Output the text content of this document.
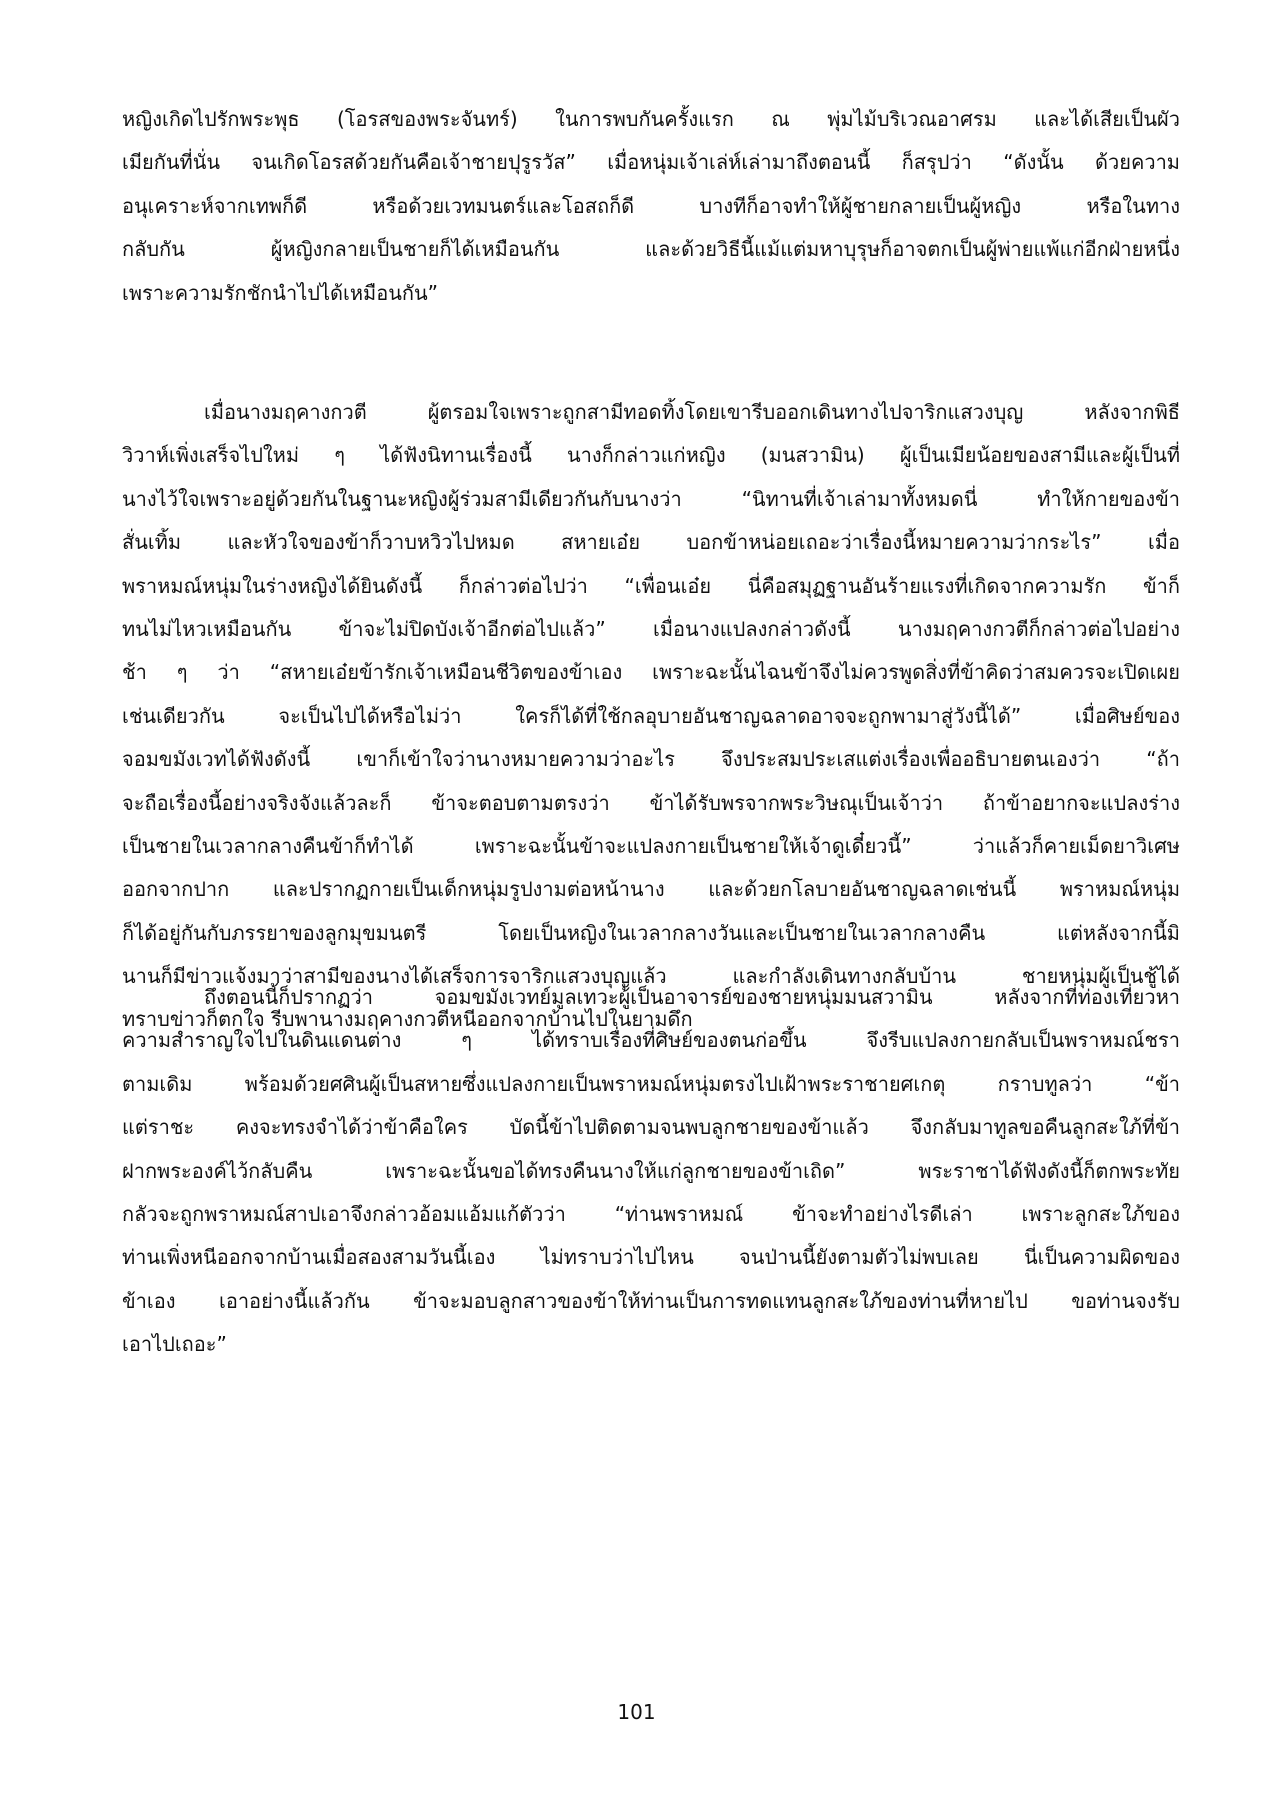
หญิงเกิดไปรักพระพุธ (โอรสของพระจันทร์) ในการพบกันครั้งแรก ณ พุ่มไม้บริเวณอาศรม และได้เสียเป็นผัว
เมียกันที่นั่น จนเกิดโอรสด้วยกันคือเจ้าชายปุรูรวัส” เมื่อหนุ่มเจ้าเล่ห์เล่ามาถึงตอนนี้ ก็สรุปว่า “ดังนั้น ด้วยความ
อนุเคราะห์จากเทพก็ดี หรือด้วยเวทมนตร์และโอสถก็ดี บางทีก็อาจทำให้ผู้ชายกลายเป็นผู้หญิง หรือในทาง
กลับกัน ผู้หญิงกลายเป็นชายก็ได้เหมือนกัน และด้วยวิธีนี้แม้แต่มหาบุรุษก็อาจตกเป็นผู้พ่ายแพ้แก่อีกฝ่ายหนึ่ง
เพราะความรักชักนำไปได้เหมือนกัน”
เมื่อนางมฤคางกวตี ผู้ตรอมใจเพราะถูกสามีทอดทิ้งโดยเขารีบออกเดินทางไปจาริกแสวงบุญ หลังจากพิธี
วิวาห์เพิ่งเสร็จไปใหม่ ๆ ได้ฟังนิทานเรื่องนี้ นางก็กล่าวแก่หญิง (มนสวามิน) ผู้เป็นเมียน้อยของสามีและผู้เป็นที่
นางไว้ใจเพราะอยู่ด้วยกันในฐานะหญิงผู้ร่วมสามีเดียวกันกับนางว่า “นิทานที่เจ้าเล่ามาทั้งหมดนี่ ทำให้กายของข้า
สั่นเทิ้ม และหัวใจของข้าก็วาบหวิวไปหมด สหายเอ๋ย บอกข้าหน่อยเถอะว่าเรื่องนี้หมายความว่ากระไร” เมื่อ
พราหมณ์หนุ่มในร่างหญิงได้ยินดังนี้ ก็กล่าวต่อไปว่า “เพื่อนเอ๋ย นี่คือสมุฏฐานอันร้ายแรงที่เกิดจากความรัก ข้าก็
ทนไม่ไหวเหมือนกัน ข้าจะไม่ปิดบังเจ้าอีกต่อไปแล้ว” เมื่อนางแปลงกล่าวดังนี้ นางมฤคางกวตีก็กล่าวต่อไปอย่าง
ช้า ๆ ว่า “สหายเอ๋ยข้ารักเจ้าเหมือนชีวิตของข้าเอง เพราะฉะนั้นไฉนข้าจึงไม่ควรพูดสิ่งที่ข้าคิดว่าสมควรจะเปิดเผย
เช่นเดียวกัน จะเป็นไปได้หรือไม่ว่า ใครก็ได้ที่ใช้กลอุบายอันชาญฉลาดอาจจะถูกพามาสู่วังนี้ได้” เมื่อศิษย์ของ
จอมขมังเวทได้ฟังดังนี้ เขาก็เข้าใจว่านางหมายความว่าอะไร จึงประสมประเสแต่งเรื่องเพื่ออธิบายตนเองว่า “ถ้า
จะถือเรื่องนี้อย่างจริงจังแล้วละก็ ข้าจะตอบตามตรงว่า ข้าได้รับพรจากพระวิษณุเป็นเจ้าว่า ถ้าข้าอยากจะแปลงร่าง
เป็นชายในเวลากลางคืนข้าก็ทำได้ เพราะฉะนั้นข้าจะแปลงกายเป็นชายให้เจ้าดูเดี๋ยวนี้” ว่าแล้วก็คายเม็ดยาวิเศษ
ออกจากปาก และปรากฏกายเป็นเด็กหนุ่มรูปงามต่อหน้านาง และด้วยกโลบายอันชาญฉลาดเช่นนี้ พราหมณ์หนุ่ม
ก็ได้อยู่กันกับภรรยาของลูกมุขมนตรี โดยเป็นหญิงในเวลากลางวันและเป็นชายในเวลากลางคืน แต่หลังจากนี้มิ
นานก็มีข่าวแจ้งมาว่าสามีของนางได้เสร็จการจาริกแสวงบุญแล้ว และกำลังเดินทางกลับบ้าน ชายหนุ่มผู้เป็นชู้ได้
ทราบข่าวก็ตกใจ รีบพานางมฤคางกวตีหนีออกจากบ้านไปในยามดึก
ถึงตอนนี้ก็ปรากฏว่า จอมขมังเวทย์มูลเทวะผู้เป็นอาจารย์ของชายหนุ่มมนสวามิน หลังจากที่ท่องเที่ยวหา
ความสำราญใจไปในดินแดนต่าง ๆ ได้ทราบเรื่องที่ศิษย์ของตนก่อขึ้น จึงรีบแปลงกายกลับเป็นพราหมณ์ชรา
ตามเดิม พร้อมด้วยศศินผู้เป็นสหายซึ่งแปลงกายเป็นพราหมณ์หนุ่มตรงไปเฝ้าพระราชายศเกตุ กราบทูลว่า “ข้า
แต่ราชะ คงจะทรงจำได้ว่าข้าคือใคร บัดนี้ข้าไปติดตามจนพบลูกชายของข้าแล้ว จึงกลับมาทูลขอคืนลูกสะใภ้ที่ข้า
ฝากพระองค์ไว้กลับคืน เพราะฉะนั้นขอได้ทรงคืนนางให้แก่ลูกชายของข้าเถิด” พระราชาได้ฟังดังนี้ก็ตกพระทัย
กลัวจะถูกพราหมณ์สาปเอาจึงกล่าวอ้อมแอ้มแก้ตัวว่า “ท่านพราหมณ์ ข้าจะทำอย่างไรดีเล่า เพราะลูกสะใภ้ของ
ท่านเพิ่งหนีออกจากบ้านเมื่อสองสามวันนี้เอง ไม่ทราบว่าไปไหน จนป่านนี้ยังตามตัวไม่พบเลย นี่เป็นความผิดของ
ข้าเอง เอาอย่างนี้แล้วกัน ข้าจะมอบลูกสาวของข้าให้ท่านเป็นการทดแทนลูกสะใภ้ของท่านที่หายไป ขอท่านจงรับ
เอาไปเถอะ”
101
